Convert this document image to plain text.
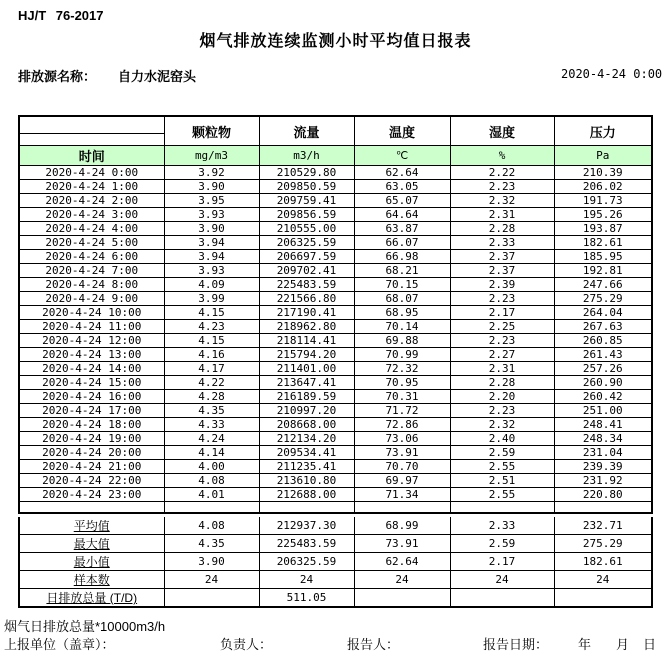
HJ/T 76-2017
烟气排放连续监测小时平均值日报表
排放源名称： 自力水泥窑头	2020-4-24 0:00
	颗粒物	流量	温度	湿度	压力

时间	mg/m3	m3/h	℃	%	Pa
2020-4-24 0:00	3.92	210529.80	62.64	2.22	210.39
2020-4-24 1:00	3.90	209850.59	63.05	2.23	206.02
2020-4-24 2:00	3.95	209759.41	65.07	2.32	191.73
2020-4-24 3:00	3.93	209856.59	64.64	2.31	195.26
2020-4-24 4:00	3.90	210555.00	63.87	2.28	193.87
2020-4-24 5:00	3.94	206325.59	66.07	2.33	182.61
2020-4-24 6:00	3.94	206697.59	66.98	2.37	185.95
2020-4-24 7:00	3.93	209702.41	68.21	2.37	192.81
2020-4-24 8:00	4.09	225483.59	70.15	2.39	247.66
2020-4-24 9:00	3.99	221566.80	68.07	2.23	275.29
2020-4-24 10:00	4.15	217190.41	68.95	2.17	264.04
2020-4-24 11:00	4.23	218962.80	70.14	2.25	267.63
2020-4-24 12:00	4.15	218114.41	69.88	2.23	260.85
2020-4-24 13:00	4.16	215794.20	70.99	2.27	261.43
2020-4-24 14:00	4.17	211401.00	72.32	2.31	257.26
2020-4-24 15:00	4.22	213647.41	70.95	2.28	260.90
2020-4-24 16:00	4.28	216189.59	70.31	2.20	260.42
2020-4-24 17:00	4.35	210997.20	71.72	2.23	251.00
2020-4-24 18:00	4.33	208668.00	72.86	2.32	248.41
2020-4-24 19:00	4.24	212134.20	73.06	2.40	248.34
2020-4-24 20:00	4.14	209534.41	73.91	2.59	231.04
2020-4-24 21:00	4.00	211235.41	70.70	2.55	239.39
2020-4-24 22:00	4.08	213610.80	69.97	2.51	231.92
2020-4-24 23:00	4.01	212688.00	71.34	2.55	220.80

平均值	4.08	212937.30	68.99	2.33	232.71
最大值	4.35	225483.59	73.91	2.59	275.29
最小值	3.90	206325.59	62.64	2.17	182.61
样本数	24	24	24	24	24
日排放总量 (T/D)		511.05			
烟气日排放总量*10000m3/h
上报单位（盖章）：	负责人：	报告人：	报告日期： 年 月 日
